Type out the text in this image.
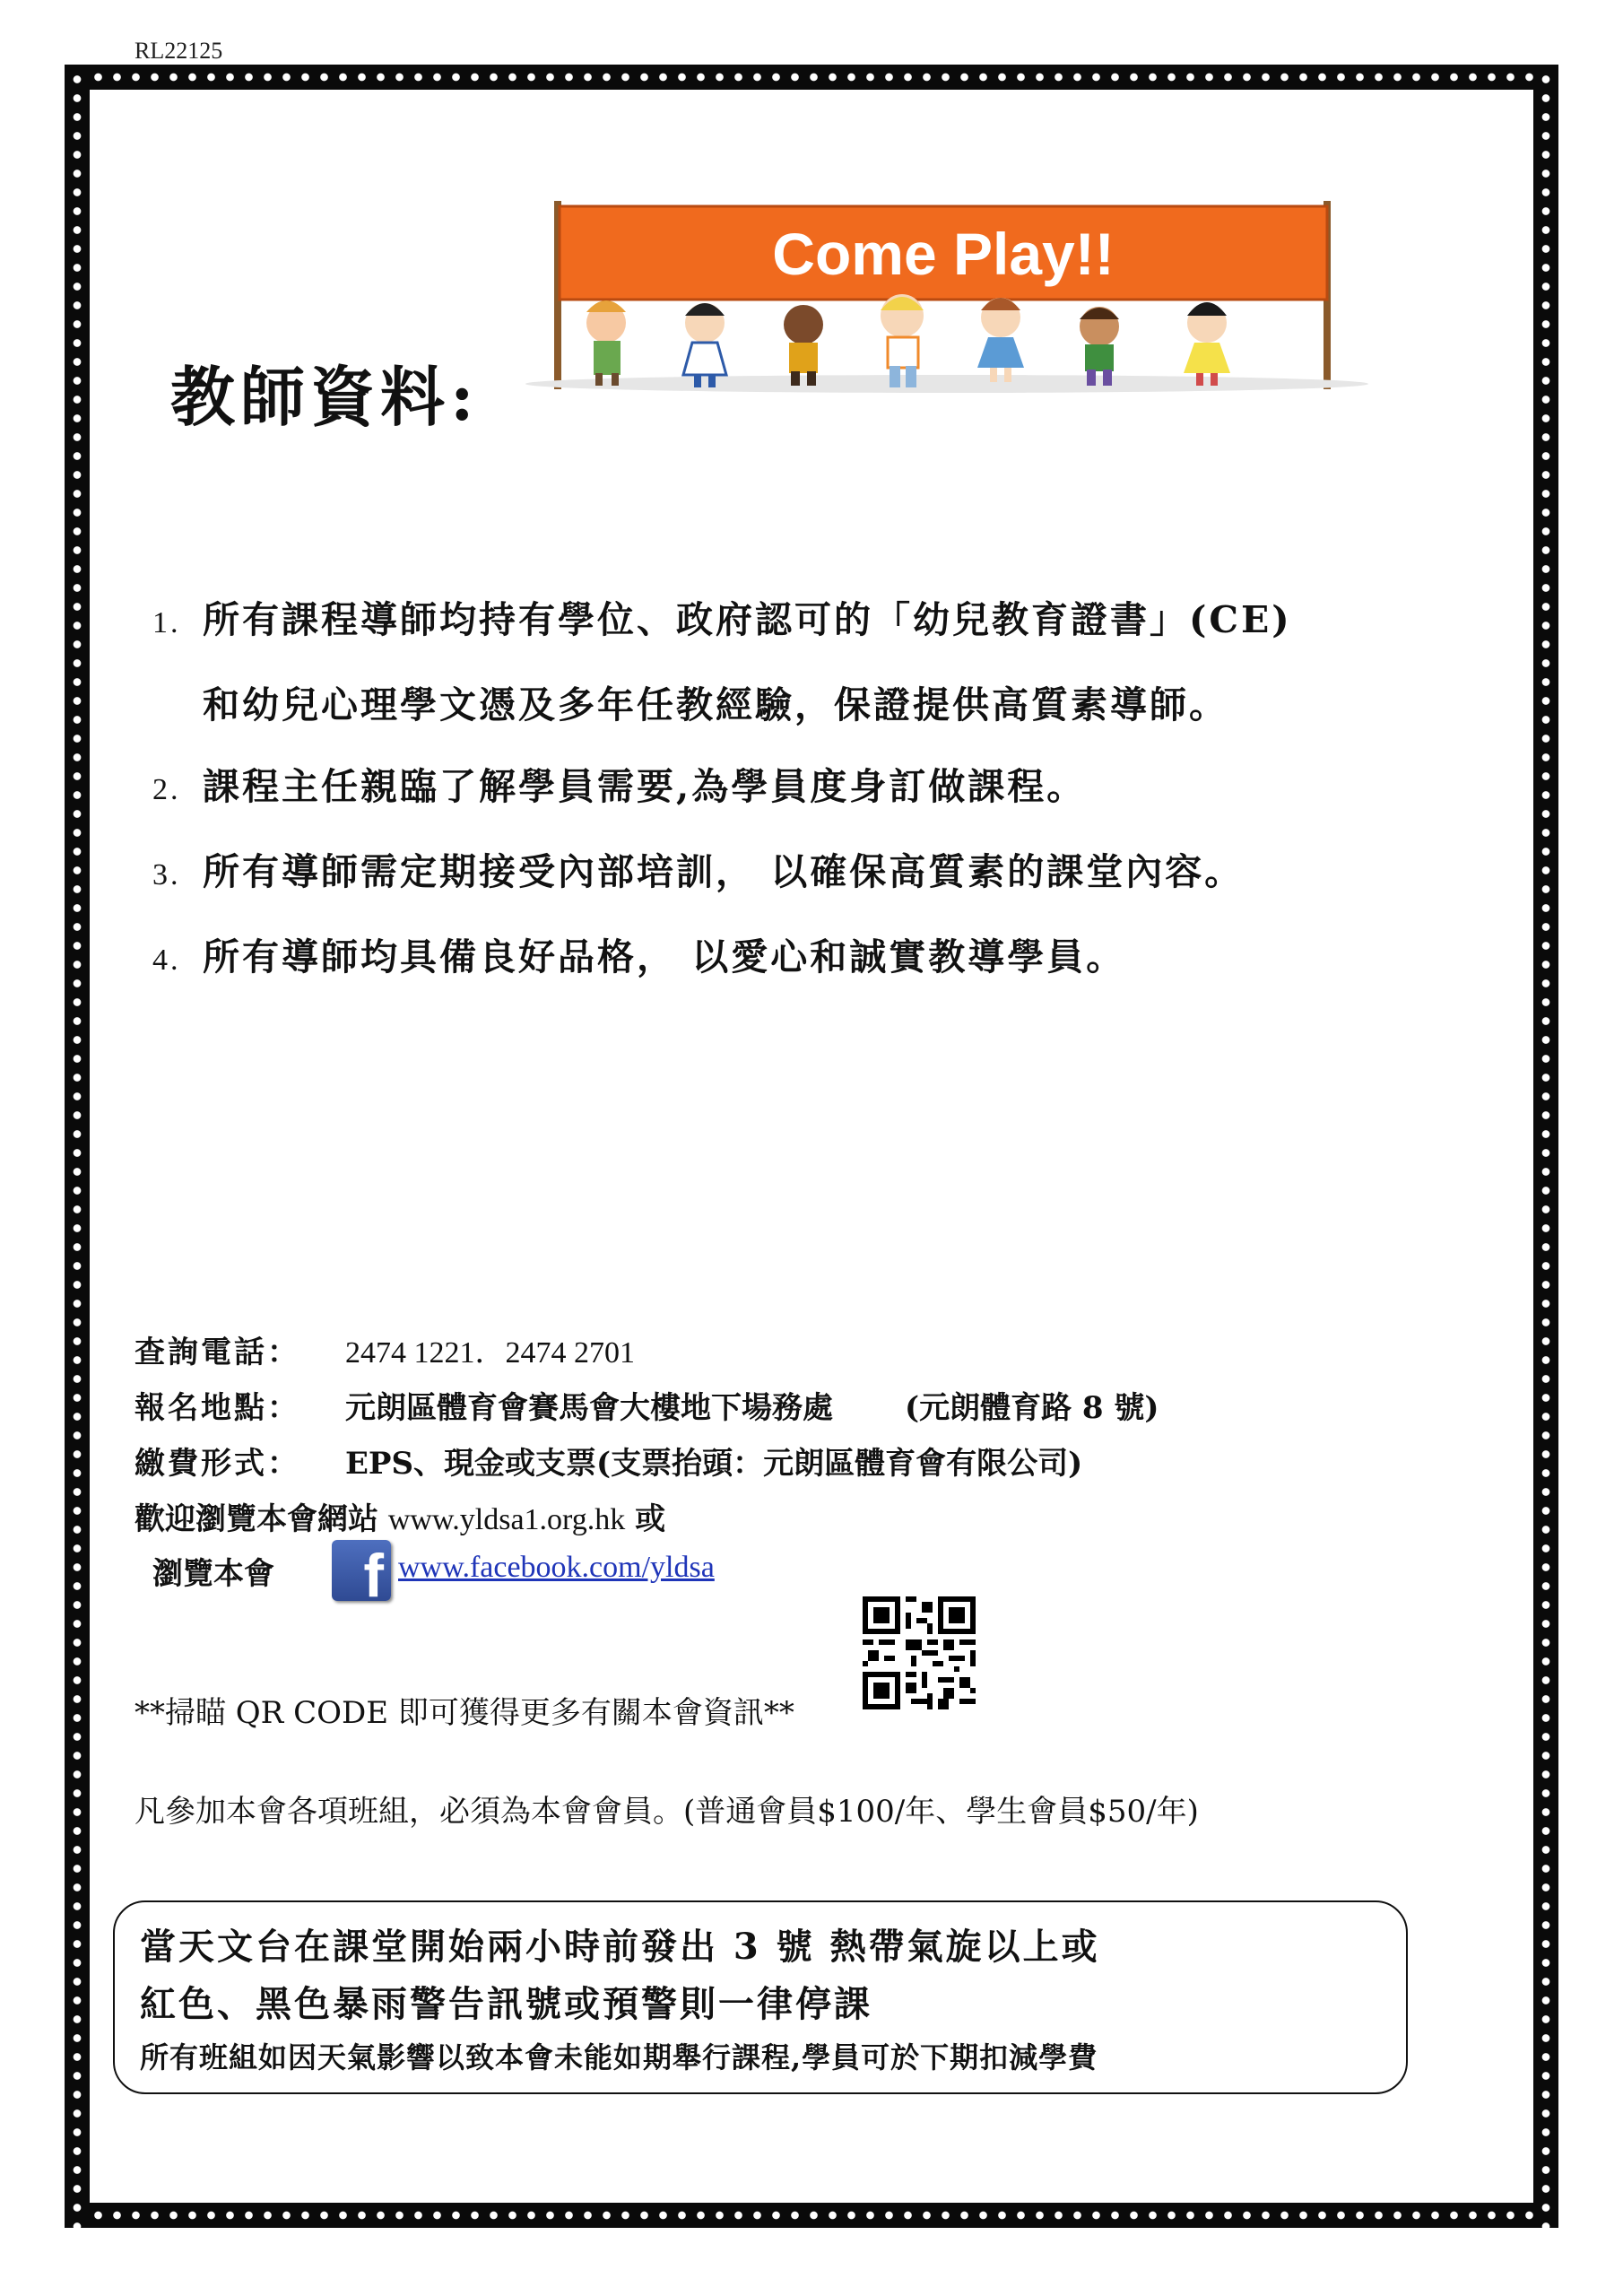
RL22125
Come Play!!
教師資料:
1. 所有課程導師均持有學位、政府認可的「幼兒教育證書」(CE)
和幼兒心理學文憑及多年任教經驗，保證提供高質素導師。
2. 課程主任親臨了解學員需要,為學員度身訂做課程。
3. 所有導師需定期接受內部培訓， 以確保高質素的課堂內容。
4. 所有導師均具備良好品格， 以愛心和誠實教導學員。
查詢電話： 2474 1221．2474 2701
報名地點： 元朗區體育會賽馬會大樓地下場務處 (元朗體育路 8 號)
繳費形式： EPS、現金或支票(支票抬頭：元朗區體育會有限公司)
歡迎瀏覽本會網站 www.yldsa1.org.hk 或
瀏覽本會 f www.facebook.com/yldsa
**掃瞄 QR CODE 即可獲得更多有關本會資訊**
凡參加本會各項班組，必須為本會會員。(普通會員$100/年、學生會員$50/年)
當天文台在課堂開始兩小時前發出 3 號 熱帶氣旋以上或
紅色、黑色暴雨警告訊號或預警則一律停課
所有班組如因天氣影響以致本會未能如期舉行課程,學員可於下期扣減學費
